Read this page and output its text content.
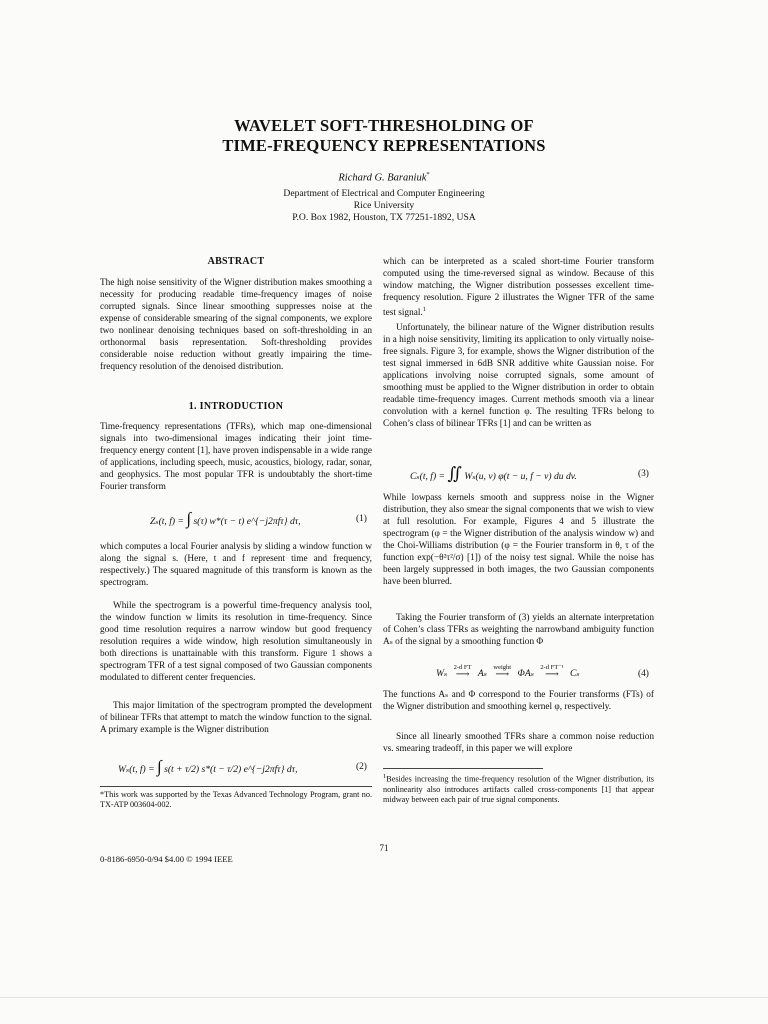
WAVELET SOFT-THRESHOLDING OF
TIME-FREQUENCY REPRESENTATIONS
Richard G. Baraniuk*
Department of Electrical and Computer Engineering
Rice University
P.O. Box 1982, Houston, TX 77251-1892, USA
ABSTRACT

The high noise sensitivity of the Wigner distribution makes smoothing a necessity for producing readable time-frequency images of noise corrupted signals. Since linear smoothing suppresses noise at the expense of considerable smearing of the signal components, we explore two nonlinear denoising techniques based on soft-thresholding in an orthonormal basis representation. Soft-thresholding provides considerable noise reduction without greatly impairing the time-frequency resolution of the denoised distribution.

1. INTRODUCTION

Time-frequency representations (TFRs), which map one-dimensional signals into two-dimensional images indicating their joint time-frequency energy content [1], have proven indispensable in a wide range of applications, including speech, music, acoustics, biology, radar, sonar, and geophysics. The most popular TFR is undoubtably the short-time Fourier transform

Zₛ(t, f) = ∫ s(τ) w*(τ − t) e^{−j2πfτ} dτ,	(1)

which computes a local Fourier analysis by sliding a window function w along the signal s. (Here, t and f represent time and frequency, respectively.) The squared magnitude of this transform is known as the spectrogram.

While the spectrogram is a powerful time-frequency analysis tool, the window function w limits its resolution in time-frequency. Since good time resolution requires a narrow window but good frequency resolution requires a wide window, high resolution simultaneously in both directions is unattainable with this transform. Figure 1 shows a spectrogram TFR of a test signal composed of two Gaussian components modulated to different center frequencies.

This major limitation of the spectrogram prompted the development of bilinear TFRs that attempt to match the window function to the signal. A primary example is the Wigner distribution

Wₛ(t, f) = ∫ s(t + τ/2) s*(t − τ/2) e^{−j2πfτ} dτ,	(2)
*This work was supported by the Texas Advanced Technology Program, grant no. TX-ATP 003604-002.

which can be interpreted as a scaled short-time Fourier transform computed using the time-reversed signal as window. Because of this window matching, the Wigner distribution possesses excellent time-frequency resolution. Figure 2 illustrates the Wigner TFR of the same test signal.$^1$

Unfortunately, the bilinear nature of the Wigner distribution results in a high noise sensitivity, limiting its application to only virtually noise-free signals. Figure 3, for example, shows the Wigner distribution of the test signal immersed in 6dB SNR additive white Gaussian noise. For applications involving noise corrupted signals, some amount of smoothing must be applied to the Wigner distribution in order to obtain readable time-frequency images. Current methods smooth via a linear convolution with a kernel function φ. The resulting TFRs belong to Cohen’s class of bilinear TFRs [1] and can be written as

Cₛ(t, f) = ∬ Wₛ(u, v) φ(t − u, f − v) du dv.	(3)

While lowpass kernels smooth and suppress noise in the Wigner distribution, they also smear the signal components that we wish to view at full resolution. For example, Figures 4 and 5 illustrate the spectrogram (φ = the Wigner distribution of the analysis window w) and the Choi-Williams distribution (φ = the Fourier transform in θ, τ of the function exp(−θ²τ²/σ) [1]) of the noisy test signal. While the noise has been largely suppressed in both images, the two Gaussian components have been blurred.

Taking the Fourier transform of (3) yields an alternate interpretation of Cohen’s class TFRs as weighting the narrowband ambiguity function Aₛ of the signal by a smoothing function Φ

Wₛ
2-d FT
⟶ Aₛ
weight
⟶ ΦAₛ
2-d FT⁻¹
⟶	Cₛ	(4)

The functions Aₛ and Φ correspond to the Fourier transforms (FTs) of the Wigner distribution and smoothing kernel φ, respectively.

Since all linearly smoothed TFRs share a common noise reduction vs. smearing tradeoff, in this paper we will explore

$^1$Besides increasing the time-frequency resolution of the Wigner distribution, its nonlinearity also introduces artifacts called cross-components [1] that appear midway between each pair of true signal components.
71
0-8186-6950-0/94 $4.00 © 1994 IEEE
